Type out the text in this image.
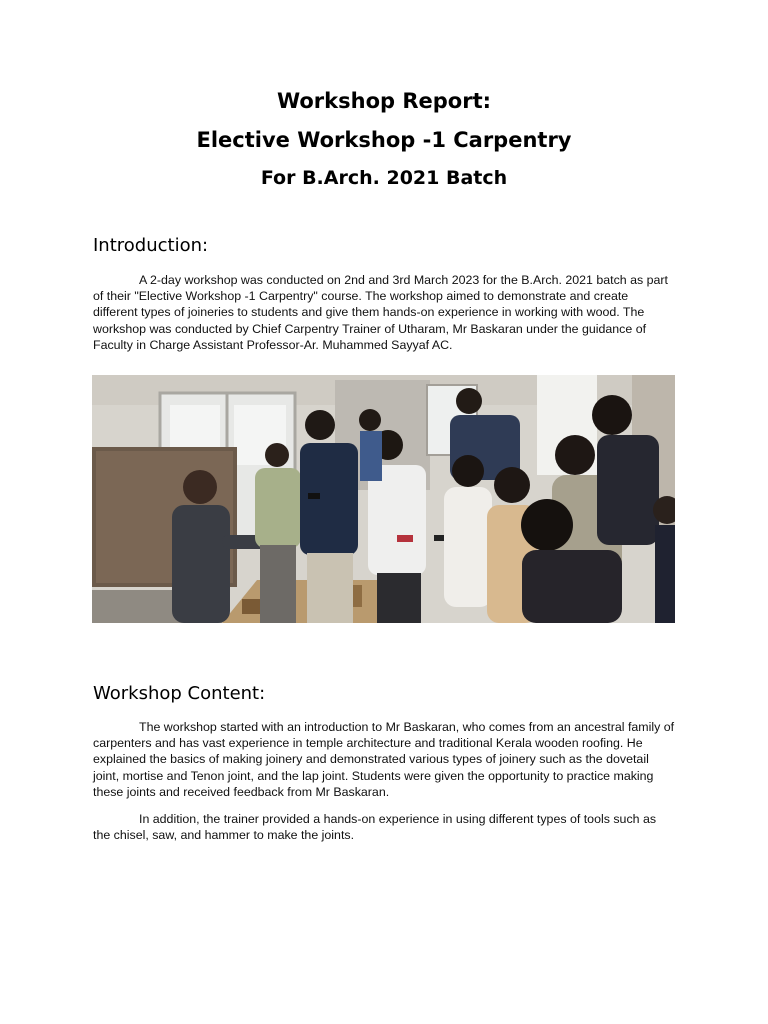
Workshop Report:
Elective Workshop -1 Carpentry
For B.Arch. 2021 Batch
Introduction:
A 2-day workshop was conducted on 2nd and 3rd March 2023 for the B.Arch. 2021 batch as part of their "Elective Workshop -1 Carpentry" course. The workshop aimed to demonstrate and create different types of joineries to students and give them hands-on experience in working with wood. The workshop was conducted by Chief Carpentry Trainer of Utharam, Mr Baskaran under the guidance of Faculty in Charge Assistant Professor-Ar. Muhammed Sayyaf AC.
Workshop Content:
The workshop started with an introduction to Mr Baskaran, who comes from an ancestral family of carpenters and has vast experience in temple architecture and traditional Kerala wooden roofing. He explained the basics of making joinery and demonstrated various types of joinery such as the dovetail joint, mortise and Tenon joint, and the lap joint. Students were given the opportunity to practice making these joints and received feedback from Mr Baskaran.
In addition, the trainer provided a hands-on experience in using different types of tools such as the chisel, saw, and hammer to make the joints.
